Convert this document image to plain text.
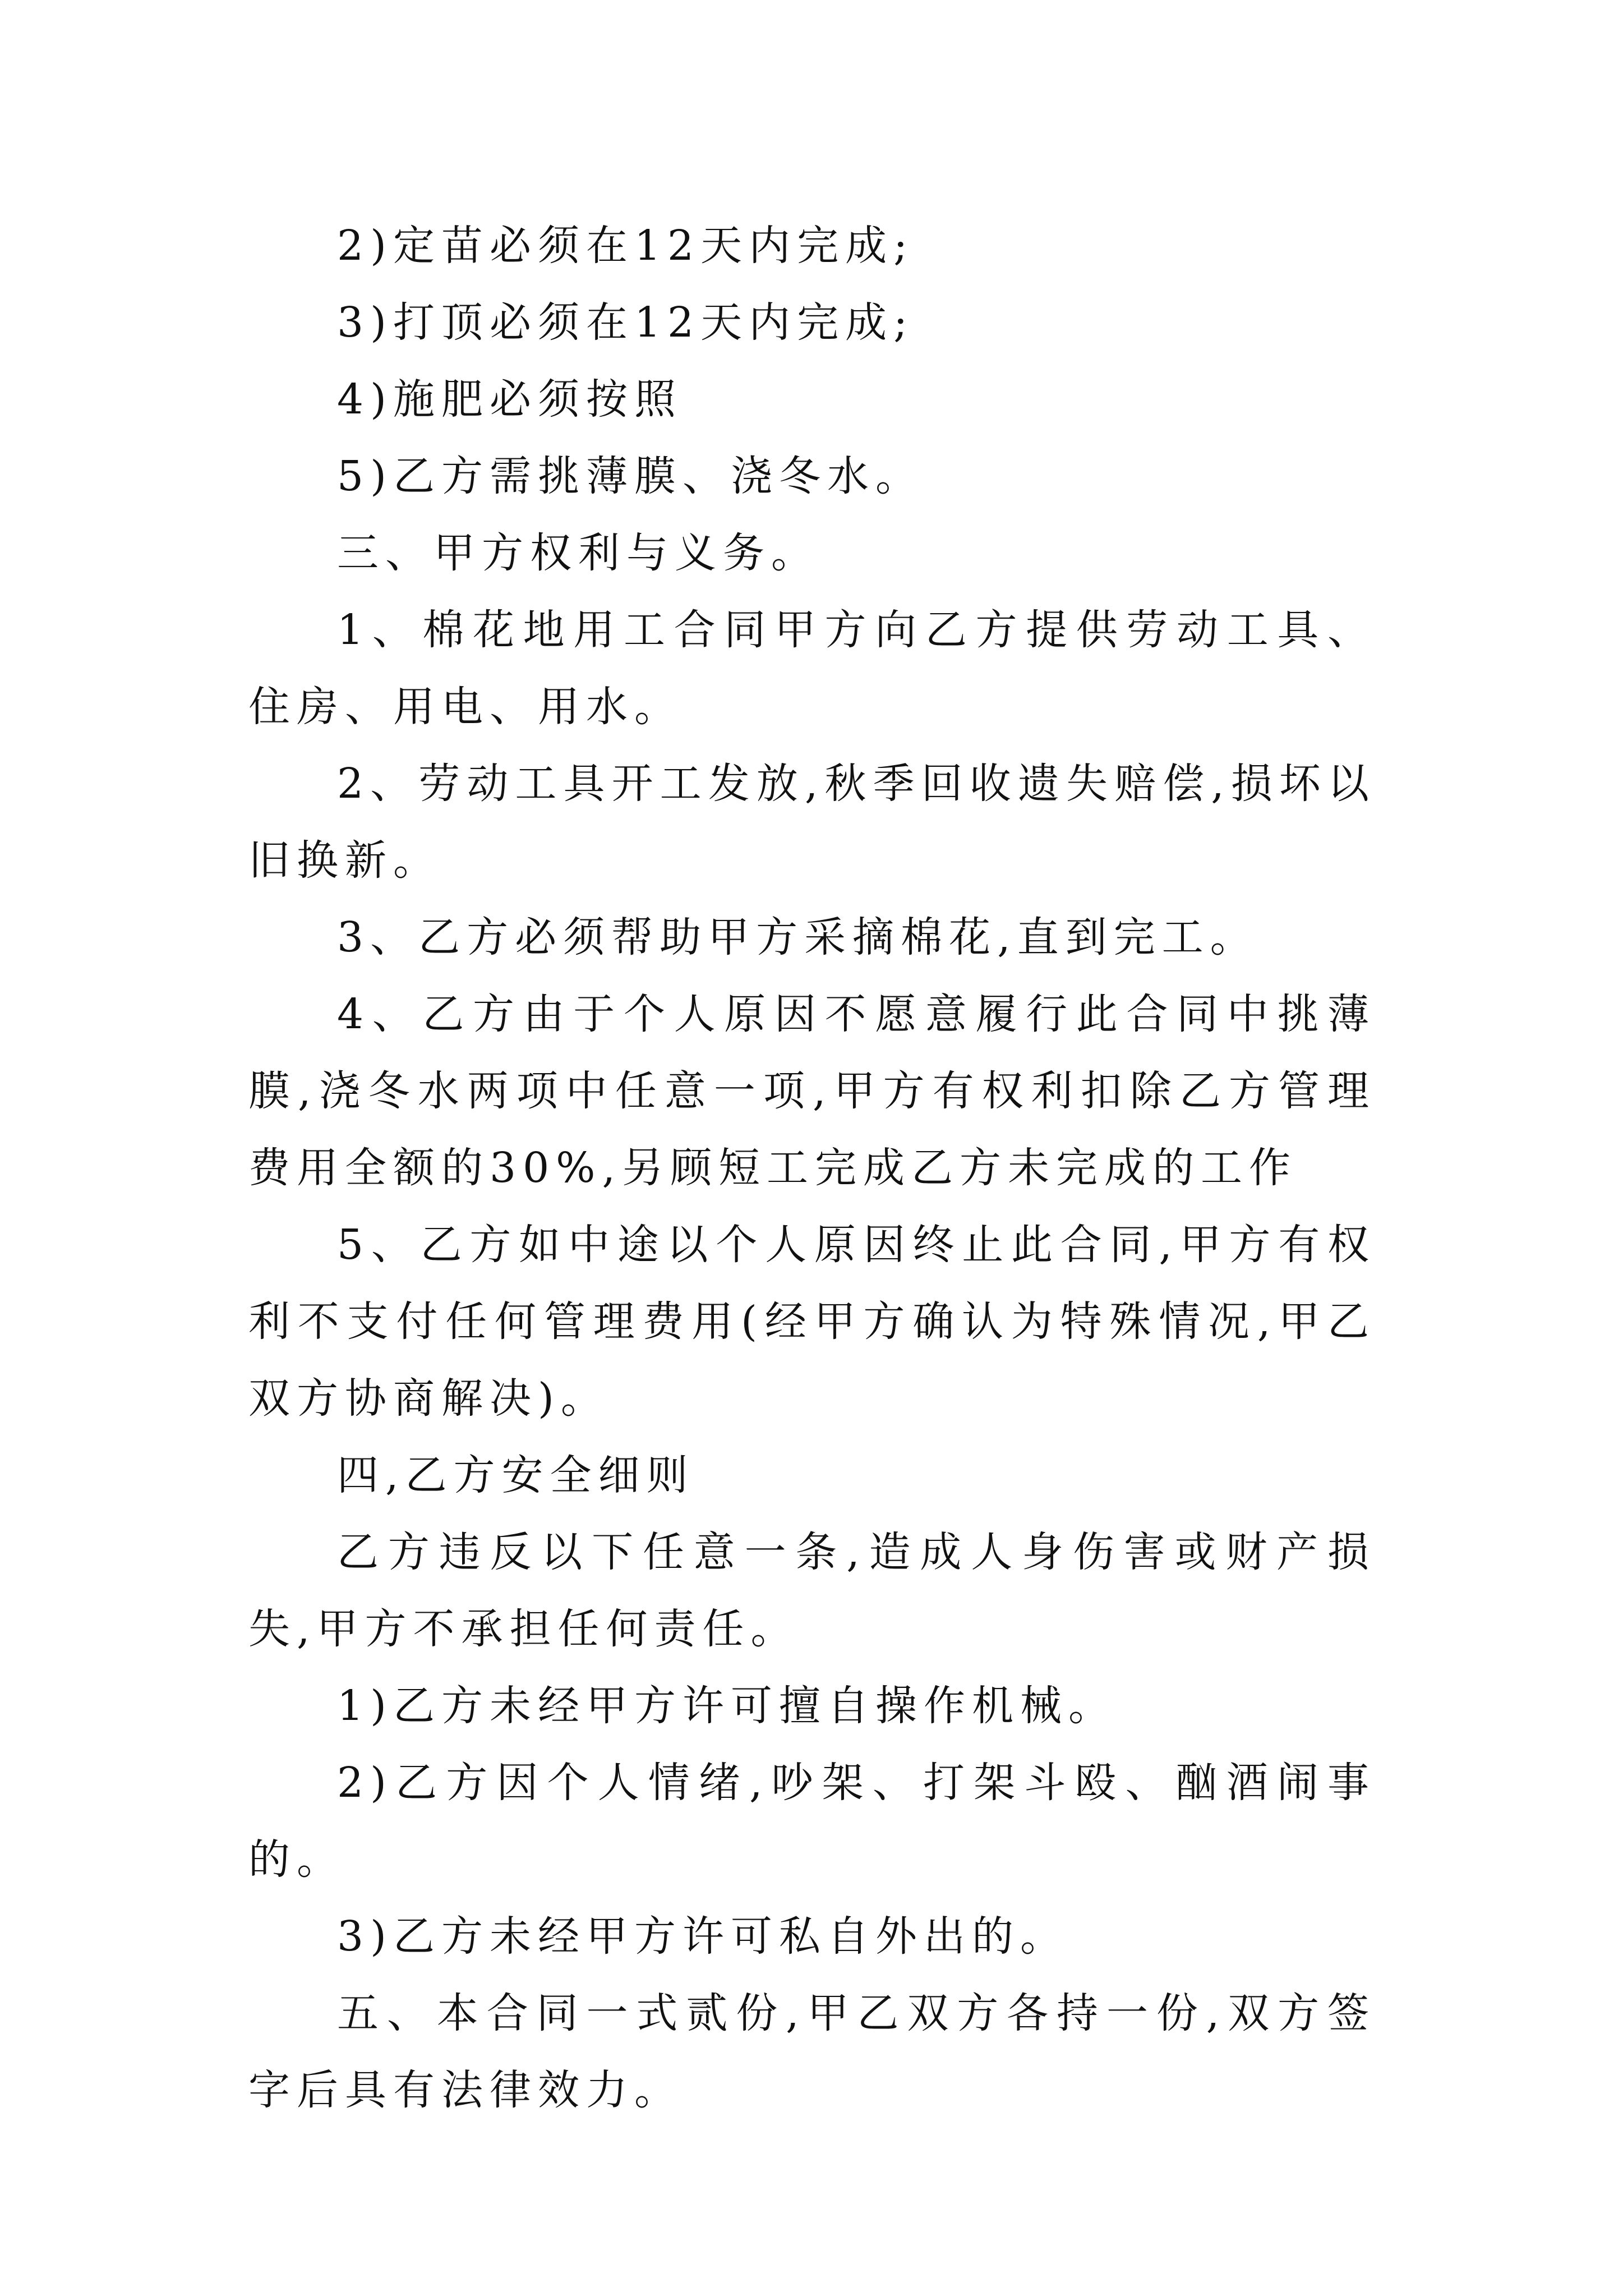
2)定苗必须在12天内完成;

3)打顶必须在12天内完成;

4)施肥必须按照

5)乙方需挑薄膜、浇冬水。

三、甲方权利与义务。

1、棉花地用工合同甲方向乙方提供劳动工具、住房、用电、用水。

2、劳动工具开工发放,秋季回收遗失赔偿,损坏以旧换新。

3、乙方必须帮助甲方采摘棉花,直到完工。

4、乙方由于个人原因不愿意履行此合同中挑薄膜,浇冬水两项中任意一项,甲方有权利扣除乙方管理费用全额的30%,另顾短工完成乙方未完成的工作

5、乙方如中途以个人原因终止此合同,甲方有权利不支付任何管理费用(经甲方确认为特殊情况,甲乙双方协商解决)。

四,乙方安全细则

乙方违反以下任意一条,造成人身伤害或财产损失,甲方不承担任何责任。

1)乙方未经甲方许可擅自操作机械。

2)乙方因个人情绪,吵架、打架斗殴、酗酒闹事的。

3)乙方未经甲方许可私自外出的。

五、本合同一式贰份,甲乙双方各持一份,双方签字后具有法律效力。
